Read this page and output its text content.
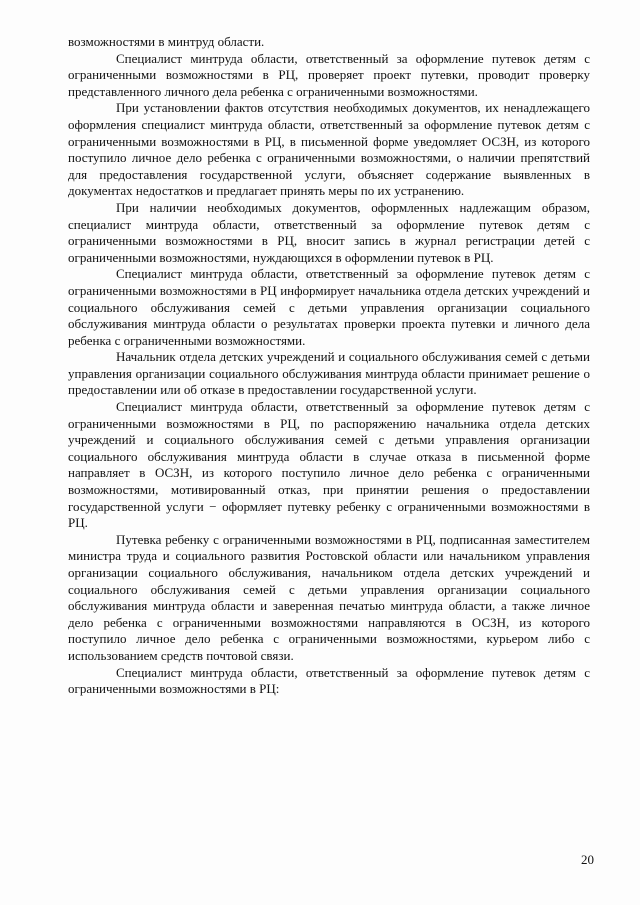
возможностями в минтруд области.

Специалист минтруда области, ответственный за оформление путевок детям с ограниченными возможностями в РЦ, проверяет проект путевки, проводит проверку представленного личного дела ребенка с ограниченными возможностями.

При установлении фактов отсутствия необходимых документов, их ненадлежащего оформления специалист минтруда области, ответственный за оформление путевок детям с ограниченными возможностями в РЦ, в письменной форме уведомляет ОСЗН, из которого поступило личное дело ребенка с ограниченными возможностями, о наличии препятствий для предоставления государственной услуги, объясняет содержание выявленных в документах недостатков и предлагает принять меры по их устранению.

При наличии необходимых документов, оформленных надлежащим образом, специалист минтруда области, ответственный за оформление путевок детям с ограниченными возможностями в РЦ, вносит запись в журнал регистрации детей с ограниченными возможностями, нуждающихся в оформлении путевок в РЦ.

Специалист минтруда области, ответственный за оформление путевок детям с ограниченными возможностями в РЦ информирует начальника отдела детских учреждений и социального обслуживания семей с детьми управления организации социального обслуживания минтруда области о результатах проверки проекта путевки и личного дела ребенка с ограниченными возможностями.

Начальник отдела детских учреждений и социального обслуживания семей с детьми управления организации социального обслуживания минтруда области принимает решение о предоставлении или об отказе в предоставлении государственной услуги.

Специалист минтруда области, ответственный за оформление путевок детям с ограниченными возможностями в РЦ, по распоряжению начальника отдела детских учреждений и социального обслуживания семей с детьми управления организации социального обслуживания минтруда области в случае отказа в письменной форме направляет в ОСЗН, из которого поступило личное дело ребенка с ограниченными возможностями, мотивированный отказ, при принятии решения о предоставлении государственной услуги − оформляет путевку ребенку с ограниченными возможностями в РЦ.

Путевка ребенку с ограниченными возможностями в РЦ, подписанная заместителем министра труда и социального развития Ростовской области или начальником управления организации социального обслуживания, начальником отдела детских учреждений и социального обслуживания семей с детьми управления организации социального обслуживания минтруда области и заверенная печатью минтруда области, а также личное дело ребенка с ограниченными возможностями направляются в ОСЗН, из которого поступило личное дело ребенка с ограниченными возможностями, курьером либо с использованием средств почтовой связи.

Специалист минтруда области, ответственный за оформление путевок детям с ограниченными возможностями в РЦ:

20
